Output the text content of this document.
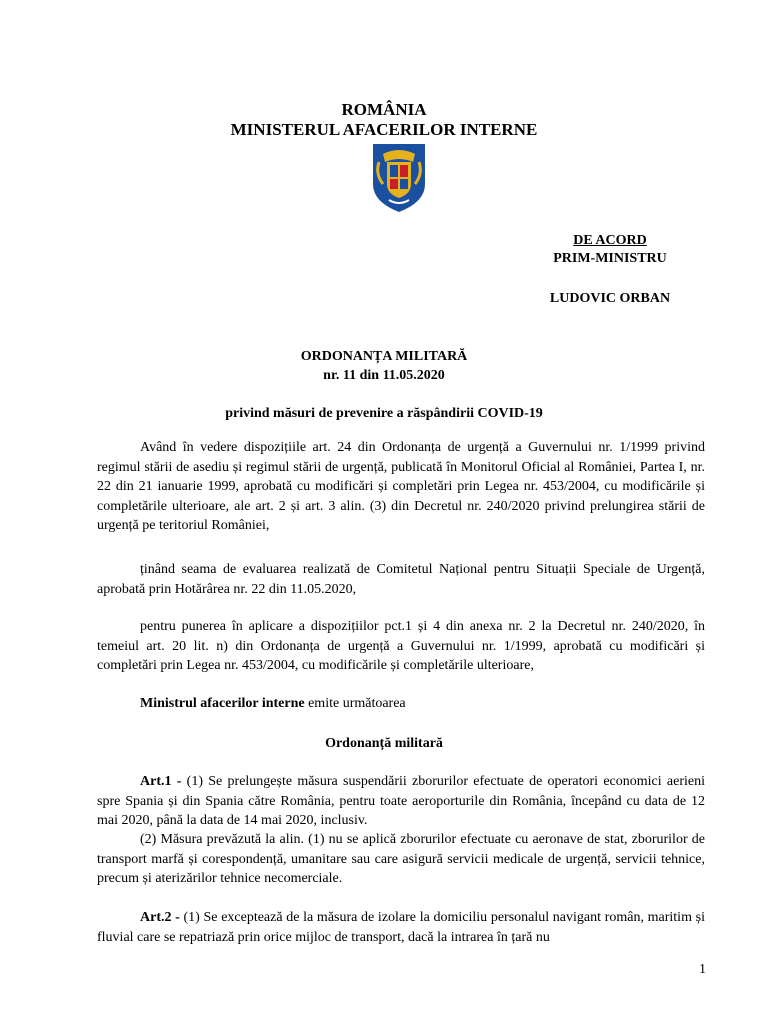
ROMÂNIA
MINISTERUL AFACERILOR INTERNE
DE ACORD
PRIM-MINISTRU
LUDOVIC ORBAN
ORDONANȚA MILITARĂ
nr. 11 din 11.05.2020
privind măsuri de prevenire a răspândirii COVID-19
Având în vedere dispozițiile art. 24 din Ordonanța de urgență a Guvernului nr. 1/1999 privind regimul stării de asediu și regimul stării de urgență, publicată în Monitorul Oficial al României, Partea I, nr. 22 din 21 ianuarie 1999, aprobată cu modificări și completări prin Legea nr. 453/2004, cu modificările și completările ulterioare, ale art. 2 și art. 3 alin. (3) din Decretul nr. 240/2020 privind prelungirea stării de urgență pe teritoriul României,
ținând seama de evaluarea realizată de Comitetul Național pentru Situații Speciale de Urgență, aprobată prin Hotărârea nr. 22 din 11.05.2020,
pentru punerea în aplicare a dispozițiilor pct.1 și 4 din anexa nr. 2 la Decretul nr. 240/2020, în temeiul art. 20 lit. n) din Ordonanța de urgență a Guvernului nr. 1/1999, aprobată cu modificări și completări prin Legea nr. 453/2004, cu modificările și completările ulterioare,
Ministrul afacerilor interne emite următoarea
Ordonanță militară
Art.1 - (1) Se prelungește măsura suspendării zborurilor efectuate de operatori economici aerieni spre Spania și din Spania către România, pentru toate aeroporturile din România, începând cu data de 12 mai 2020, până la data de 14 mai 2020, inclusiv.
(2) Măsura prevăzută la alin. (1) nu se aplică zborurilor efectuate cu aeronave de stat, zborurilor de transport marfă și corespondență, umanitare sau care asigură servicii medicale de urgență, servicii tehnice, precum și aterizărilor tehnice necomerciale.
Art.2 - (1) Se exceptează de la măsura de izolare la domiciliu personalul navigant român, maritim și fluvial care se repatriază prin orice mijloc de transport, dacă la intrarea în țară nu
1
